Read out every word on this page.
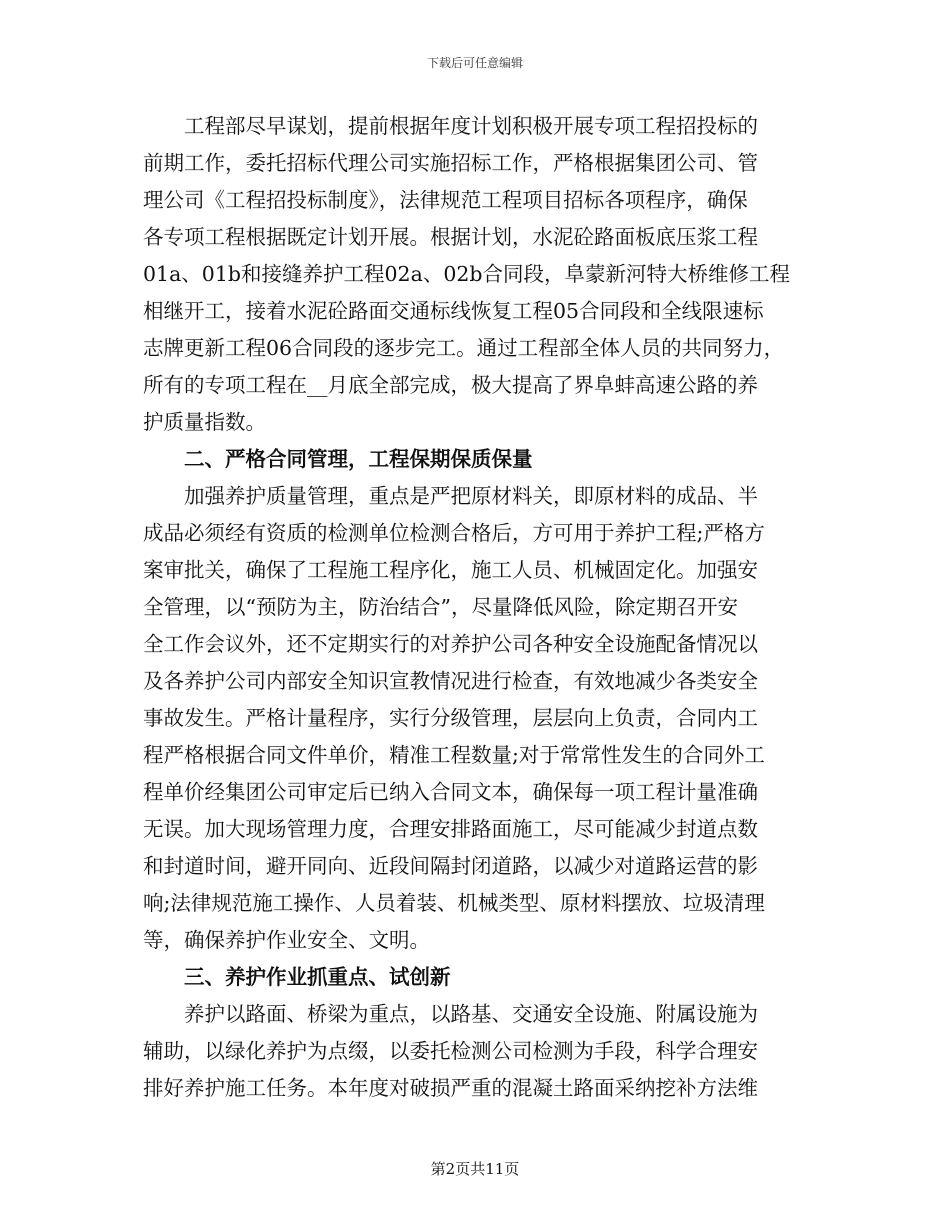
下载后可任意编辑
工程部尽早谋划，提前根据年度计划积极开展专项工程招投标的
前期工作，委托招标代理公司实施招标工作，严格根据集团公司、管
理公司《工程招投标制度》，法律规范工程项目招标各项程序，确保
各专项工程根据既定计划开展。根据计划，水泥砼路面板底压浆工程
01a、01b和接缝养护工程02a、02b合同段，阜蒙新河特大桥维修工程
相继开工，接着水泥砼路面交通标线恢复工程05合同段和全线限速标
志牌更新工程06合同段的逐步完工。通过工程部全体人员的共同努力，
所有的专项工程在__月底全部完成，极大提高了界阜蚌高速公路的养
护质量指数。
二、严格合同管理，工程保期保质保量
加强养护质量管理，重点是严把原材料关，即原材料的成品、半
成品必须经有资质的检测单位检测合格后，方可用于养护工程;严格方
案审批关，确保了工程施工程序化，施工人员、机械固定化。加强安
全管理，以“预防为主，防治结合”，尽量降低风险，除定期召开安
全工作会议外，还不定期实行的对养护公司各种安全设施配备情况以
及各养护公司内部安全知识宣教情况进行检查，有效地减少各类安全
事故发生。严格计量程序，实行分级管理，层层向上负责，合同内工
程严格根据合同文件单价，精准工程数量;对于常常性发生的合同外工
程单价经集团公司审定后已纳入合同文本，确保每一项工程计量准确
无误。加大现场管理力度，合理安排路面施工，尽可能减少封道点数
和封道时间，避开同向、近段间隔封闭道路，以减少对道路运营的影
响;法律规范施工操作、人员着装、机械类型、原材料摆放、垃圾清理
等，确保养护作业安全、文明。
三、养护作业抓重点、试创新
养护以路面、桥梁为重点，以路基、交通安全设施、附属设施为
辅助，以绿化养护为点缀，以委托检测公司检测为手段，科学合理安
排好养护施工任务。本年度对破损严重的混凝土路面采纳挖补方法维
第2页共11页
